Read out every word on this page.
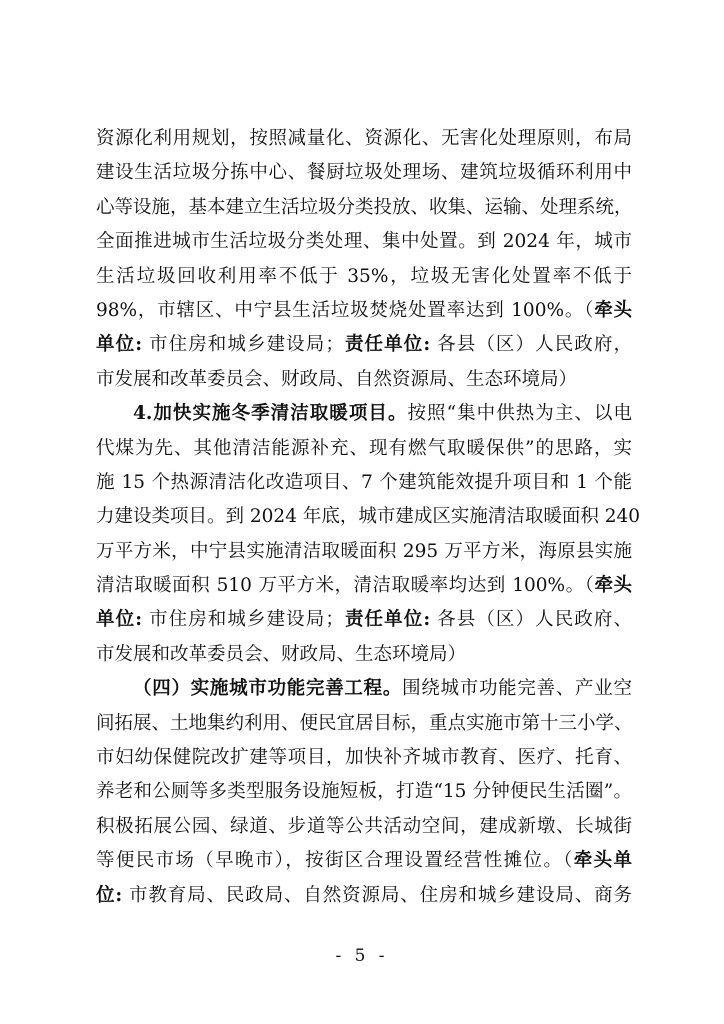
资源化利用规划，按照减量化、资源化、无害化处理原则，布局
建设生活垃圾分拣中心、餐厨垃圾处理场、建筑垃圾循环利用中
心等设施，基本建立生活垃圾分类投放、收集、运输、处理系统，
全面推进城市生活垃圾分类处理、集中处置。到 2024 年，城市
生活垃圾回收利用率不低于 35%，垃圾无害化处置率不低于
98%，市辖区、中宁县生活垃圾焚烧处置率达到 100%。（牵头
单位: 市住房和城乡建设局；责任单位: 各县（区）人民政府，
市发展和改革委员会、财政局、自然资源局、生态环境局）
4.加快实施冬季清洁取暖项目。按照“集中供热为主、以电
代煤为先、其他清洁能源补充、现有燃气取暖保供”的思路，实
施 15 个热源清洁化改造项目、7 个建筑能效提升项目和 1 个能
力建设类项目。到 2024 年底，城市建成区实施清洁取暖面积 240
万平方米，中宁县实施清洁取暖面积 295 万平方米，海原县实施
清洁取暖面积 510 万平方米，清洁取暖率均达到 100%。（牵头
单位: 市住房和城乡建设局；责任单位: 各县（区）人民政府、
市发展和改革委员会、财政局、生态环境局）
（四）实施城市功能完善工程。围绕城市功能完善、产业空
间拓展、土地集约利用、便民宜居目标，重点实施市第十三小学、
市妇幼保健院改扩建等项目，加快补齐城市教育、医疗、托育、
养老和公厕等多类型服务设施短板，打造“15 分钟便民生活圈”。
积极拓展公园、绿道、步道等公共活动空间，建成新墩、长城街
等便民市场（早晚市），按街区合理设置经营性摊位。（牵头单
位: 市教育局、民政局、自然资源局、住房和城乡建设局、商务
- 5 -
